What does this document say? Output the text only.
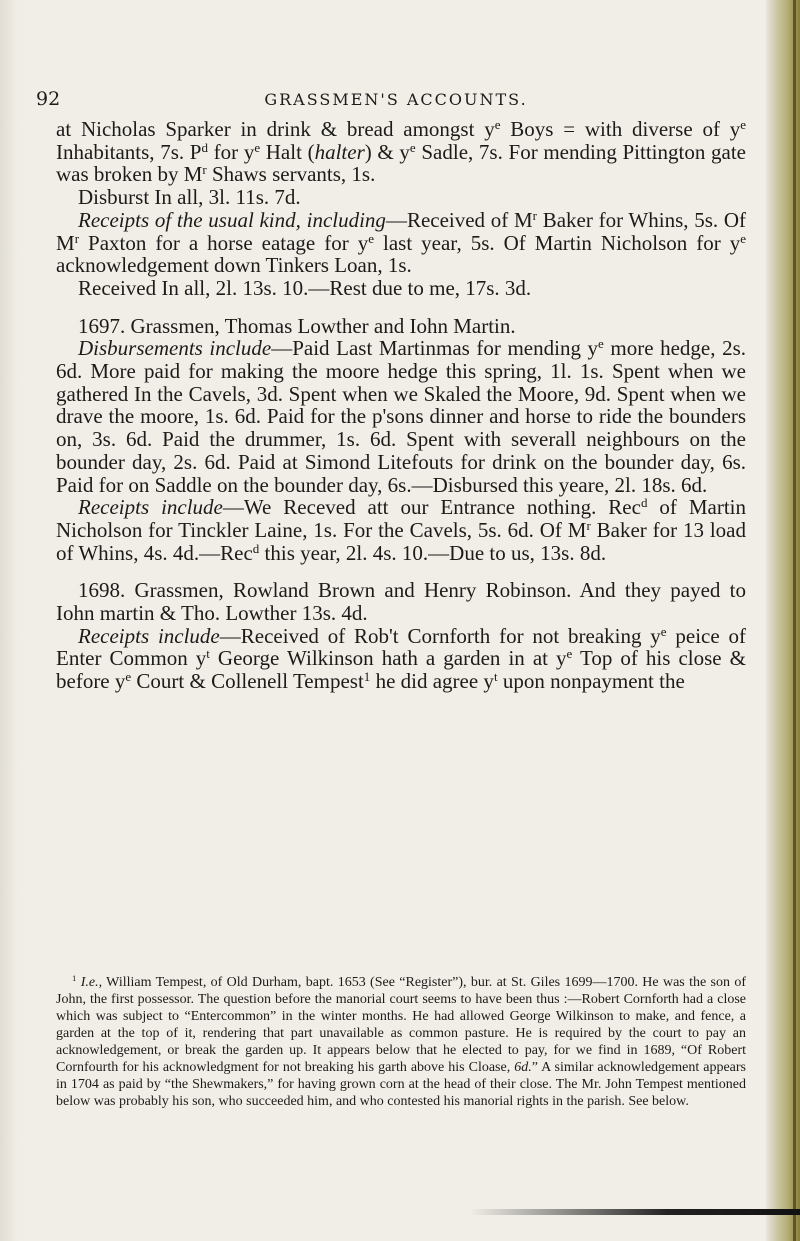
92	GRASSMEN'S ACCOUNTS.

at Nicholas Sparker in drink & bread amongst $y^e$ Boys = with diverse of $y^e$ Inhabitants, 7s. $P^d$ for $y^e$ Halt (halter) & $y^e$ Sadle, 7s. For mending Pittington gate was broken by $M^r$ Shaws servants, 1s.

Disburst In all, 3l. 11s. 7d.

Receipts of the usual kind, including—Received of $M^r$ Baker for Whins, 5s. Of $M^r$ Paxton for a horse eatage for $y^e$ last year, 5s. Of Martin Nicholson for $y^e$ acknowledgement down Tinkers Loan, 1s.

Received In all, 2l. 13s. 10.—Rest due to me, 17s. 3d.

1697. Grassmen, Thomas Lowther and Iohn Martin.

Disbursements include—Paid Last Martinmas for mending $y^e$ more hedge, 2s. 6d. More paid for making the moore hedge this spring, 1l. 1s. Spent when we gathered In the Cavels, 3d. Spent when we Skaled the Moore, 9d. Spent when we drave the moore, 1s. 6d. Paid for the p'sons dinner and horse to ride the bounders on, 3s. 6d. Paid the drummer, 1s. 6d. Spent with severall neighbours on the bounder day, 2s. 6d. Paid at Simond Litefouts for drink on the bounder day, 6s. Paid for on Saddle on the bounder day, 6s.—Disbursed this yeare, 2l. 18s. 6d.

Receipts include—We Receved att our Entrance nothing. Rec$^d$ of Martin Nicholson for Tinckler Laine, 1s. For the Cavels, 5s. 6d. Of $M^r$ Baker for 13 load of Whins, 4s. 4d.—Rec$^d$ this year, 2l. 4s. 10.—Due to us, 13s. 8d.

1698. Grassmen, Rowland Brown and Henry Robinson. And they payed to Iohn martin & Tho. Lowther 13s. 4d.

Receipts include—Received of Rob't Cornforth for not breaking $y^e$ peice of Enter Common $y^t$ George Wilkinson hath a garden in at $y^e$ Top of his close & before $y^e$ Court & Collenell Tempest$^1$ he did agree $y^t$ upon nonpayment the

$^1$ I.e., William Tempest, of Old Durham, bapt. 1653 (See “Register”), bur. at St. Giles 1699—1700. He was the son of John, the first possessor. The question before the manorial court seems to have been thus :—Robert Cornforth had a close which was subject to “Entercommon” in the winter months. He had allowed George Wilkinson to make, and fence, a garden at the top of it, rendering that part unavailable as common pasture. He is required by the court to pay an acknowledgement, or break the garden up. It appears below that he elected to pay, for we find in 1689, “Of Robert Cornfourth for his acknowledgment for not breaking his garth above his Cloase, 6d.” A similar acknowledgement appears in 1704 as paid by “the Shewmakers,” for having grown corn at the head of their close. The Mr. John Tempest mentioned below was probably his son, who succeeded him, and who contested his manorial rights in the parish. See below.
